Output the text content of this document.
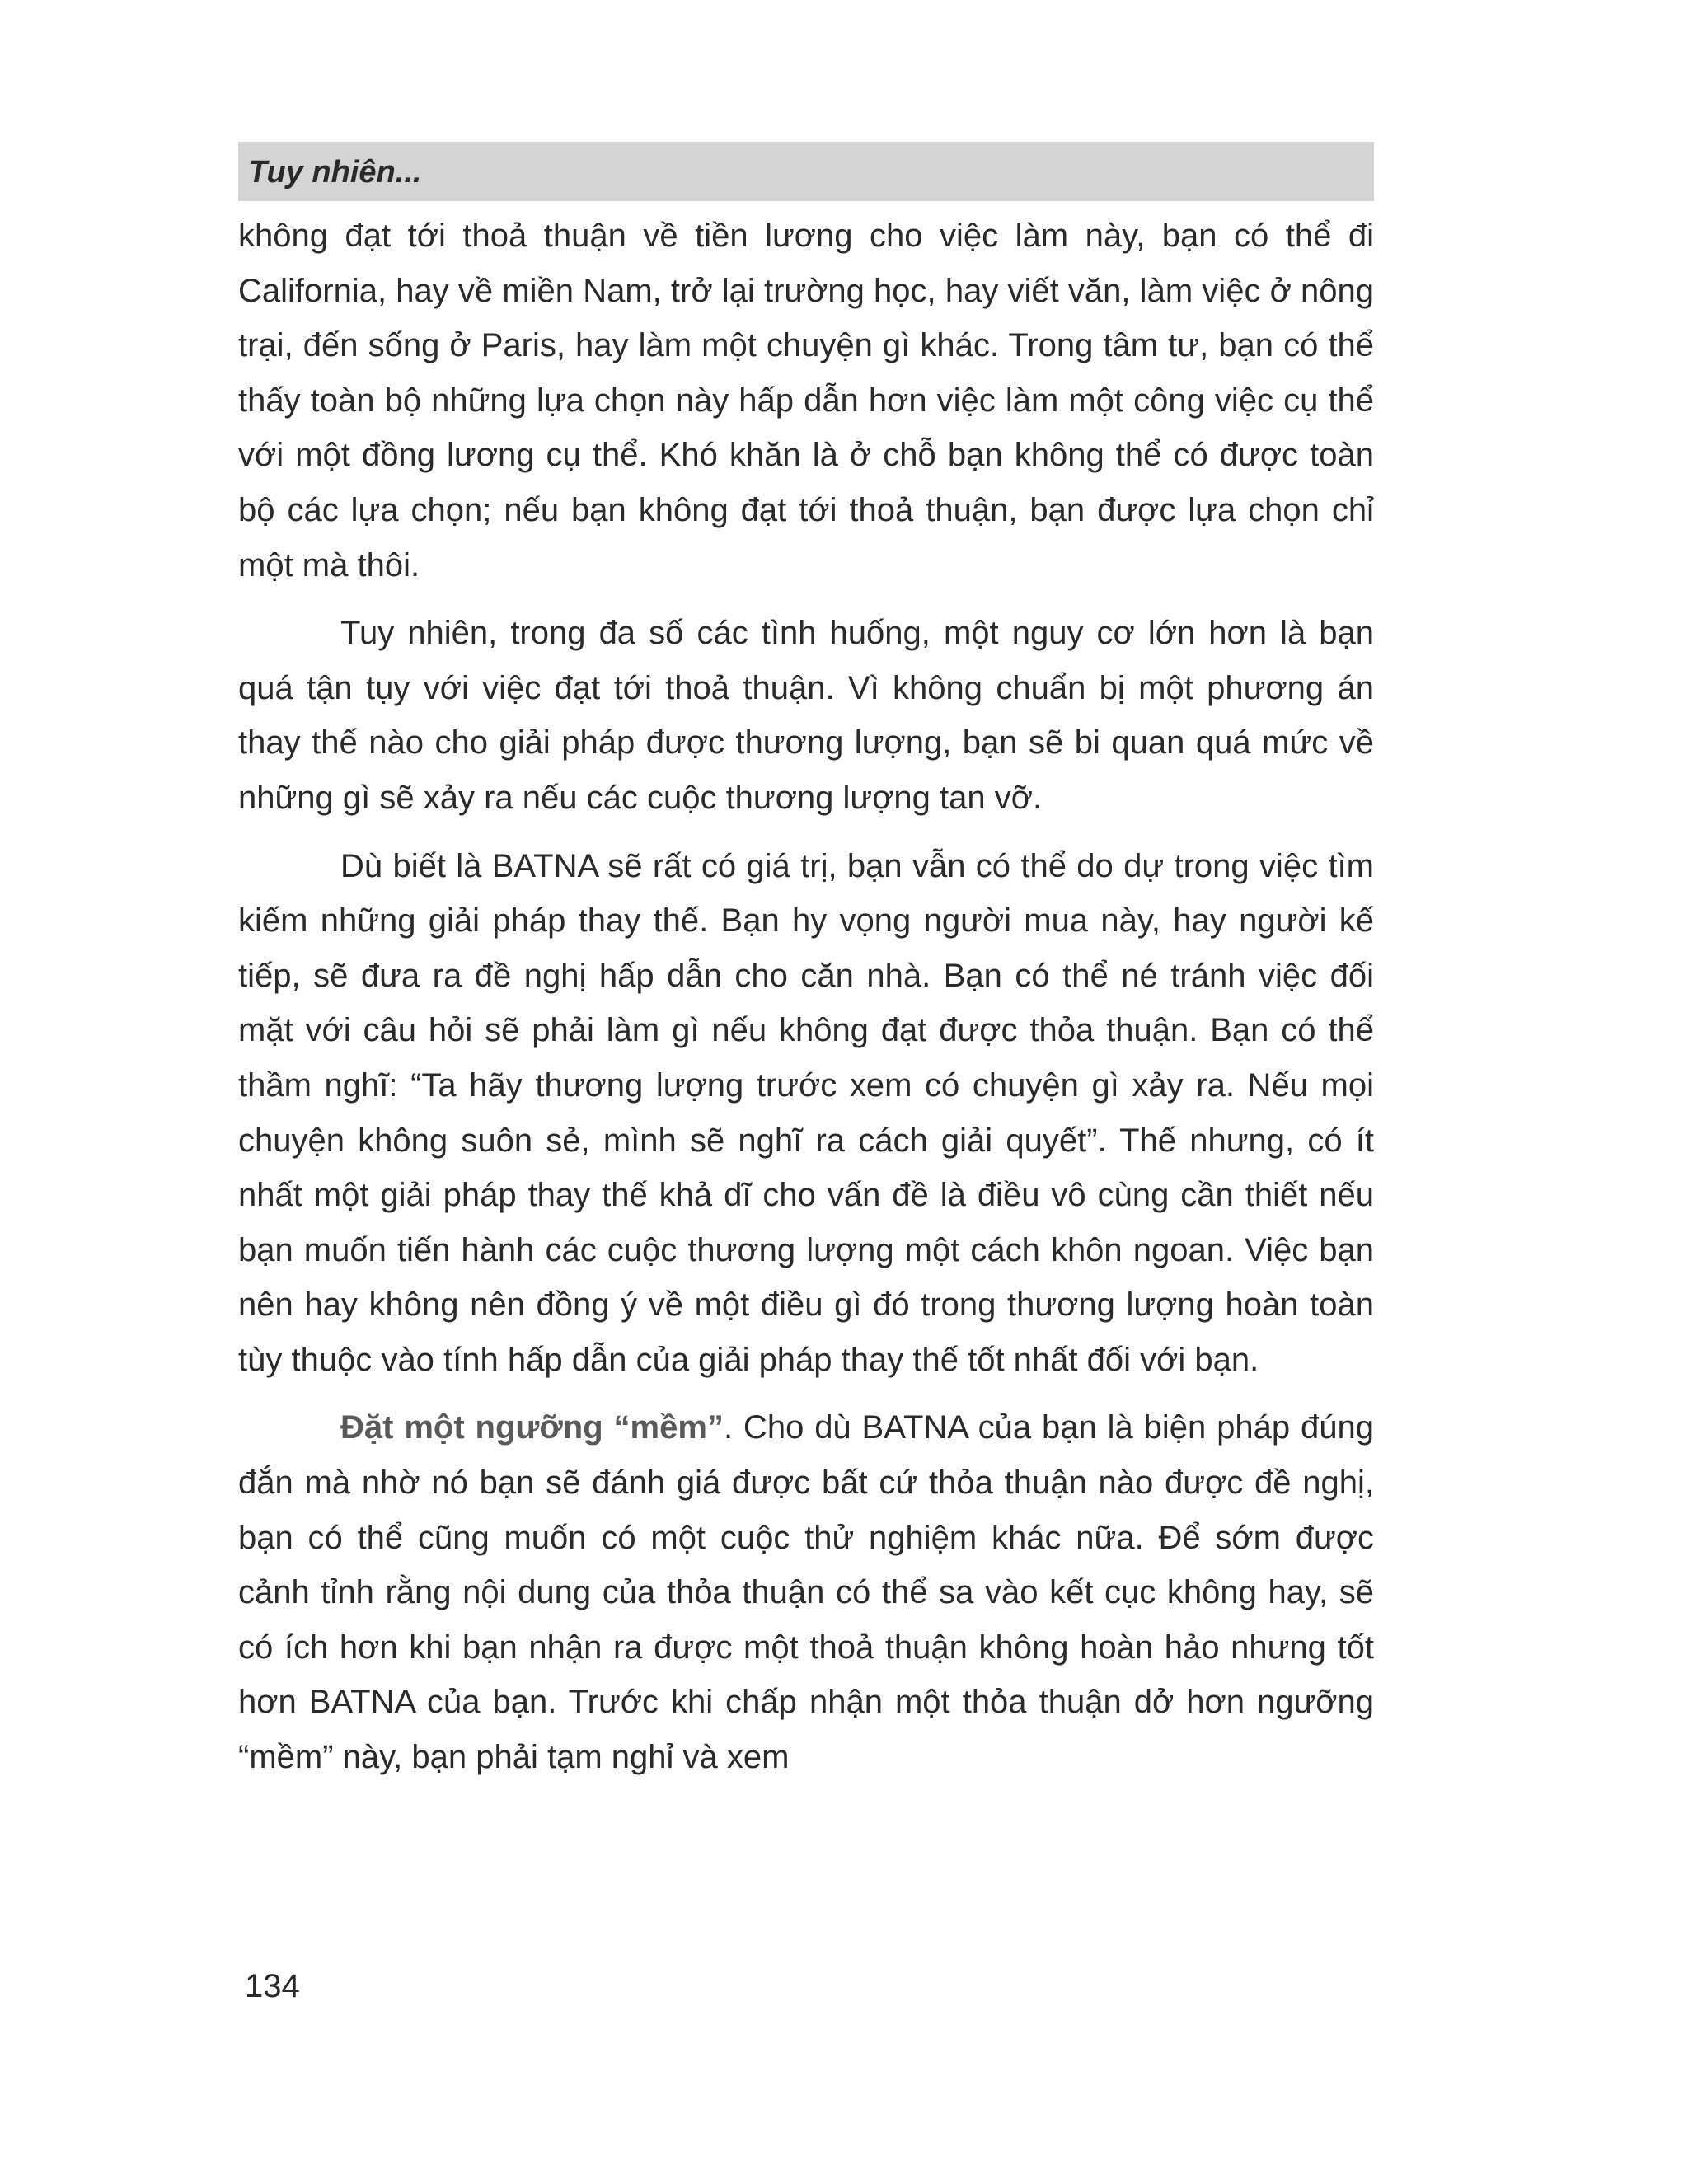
Tuy nhiên...

không đạt tới thoả thuận về tiền lương cho việc làm này, bạn có thể đi California, hay về miền Nam, trở lại trường học, hay viết văn, làm việc ở nông trại, đến sống ở Paris, hay làm một chuyện gì khác. Trong tâm tư, bạn có thể thấy toàn bộ những lựa chọn này hấp dẫn hơn việc làm một công việc cụ thể với một đồng lương cụ thể. Khó khăn là ở chỗ bạn không thể có được toàn bộ các lựa chọn; nếu bạn không đạt tới thoả thuận, bạn được lựa chọn chỉ một mà thôi.

Tuy nhiên, trong đa số các tình huống, một nguy cơ lớn hơn là bạn quá tận tụy với việc đạt tới thoả thuận. Vì không chuẩn bị một phương án thay thế nào cho giải pháp được thương lượng, bạn sẽ bi quan quá mức về những gì sẽ xảy ra nếu các cuộc thương lượng tan vỡ.

Dù biết là BATNA sẽ rất có giá trị, bạn vẫn có thể do dự trong việc tìm kiếm những giải pháp thay thế. Bạn hy vọng người mua này, hay người kế tiếp, sẽ đưa ra đề nghị hấp dẫn cho căn nhà. Bạn có thể né tránh việc đối mặt với câu hỏi sẽ phải làm gì nếu không đạt được thỏa thuận. Bạn có thể thầm nghĩ: “Ta hãy thương lượng trước xem có chuyện gì xảy ra. Nếu mọi chuyện không suôn sẻ, mình sẽ nghĩ ra cách giải quyết”. Thế nhưng, có ít nhất một giải pháp thay thế khả dĩ cho vấn đề là điều vô cùng cần thiết nếu bạn muốn tiến hành các cuộc thương lượng một cách khôn ngoan. Việc bạn nên hay không nên đồng ý về một điều gì đó trong thương lượng hoàn toàn tùy thuộc vào tính hấp dẫn của giải pháp thay thế tốt nhất đối với bạn.

Đặt một ngưỡng “mềm”. Cho dù BATNA của bạn là biện pháp đúng đắn mà nhờ nó bạn sẽ đánh giá được bất cứ thỏa thuận nào được đề nghị, bạn có thể cũng muốn có một cuộc thử nghiệm khác nữa. Để sớm được cảnh tỉnh rằng nội dung của thỏa thuận có thể sa vào kết cục không hay, sẽ có ích hơn khi bạn nhận ra được một thoả thuận không hoàn hảo nhưng tốt hơn BATNA của bạn. Trước khi chấp nhận một thỏa thuận dở hơn ngưỡng “mềm” này, bạn phải tạm nghỉ và xem

134
